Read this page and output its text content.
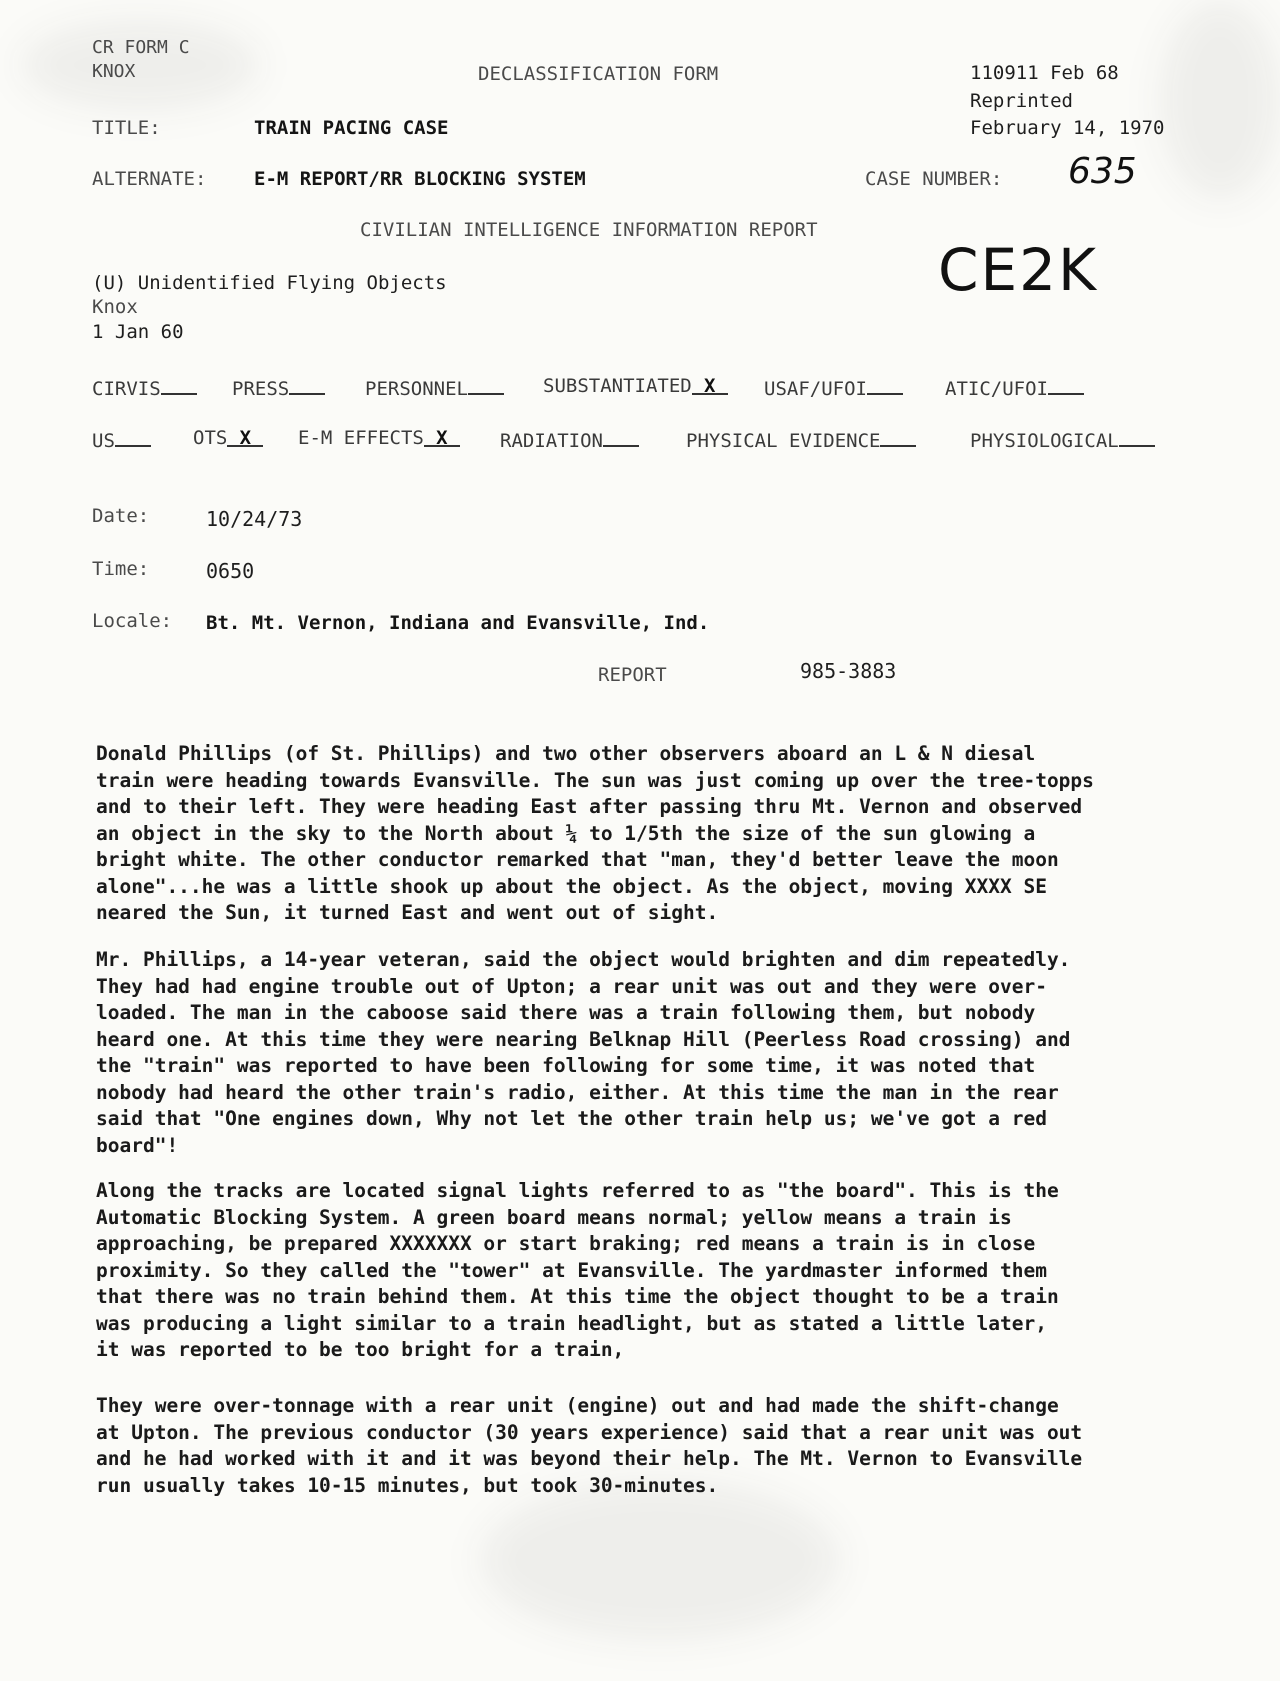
CR FORM C
KNOX	DECLASSIFICATION FORM	110911 Feb 68
Reprinted
February 14, 1970
TITLE:	TRAIN PACING CASE
ALTERNATE:	E-M REPORT/RR BLOCKING SYSTEM	CASE NUMBER: 635
CIVILIAN INTELLIGENCE INFORMATION REPORT
CE2K
(U) Unidentified Flying Objects
Knox
1 Jan 60
CIRVIS	PRESS	PERSONNEL	SUBSTANTIATED X	USAF/UFOI	ATIC/UFOI
US	OTS X	E-M EFFECTS X	RADIATION	PHYSICAL EVIDENCE	PHYSIOLOGICAL
Date:	10/24/73
Time:	0650
Locale: Bt. Mt. Vernon, Indiana and Evansville, Ind.
REPORT	985-3883
Donald Phillips (of St. Phillips) and two other observers aboard an L & N diesal
train were heading towards Evansville. The sun was just coming up over the tree-topps
and to their left. They were heading East after passing thru Mt. Vernon and observed
an object in the sky to the North about ¼ to 1/5th the size of the sun glowing a
bright white. The other conductor remarked that "man, they'd better leave the moon
alone"...he was a little shook up about the object. As the object, moving XXXX SE
neared the Sun, it turned East and went out of sight.
Mr. Phillips, a 14-year veteran, said the object would brighten and dim repeatedly.
They had had engine trouble out of Upton; a rear unit was out and they were over-
loaded. The man in the caboose said there was a train following them, but nobody
heard one. At this time they were nearing Belknap Hill (Peerless Road crossing) and
the "train" was reported to have been following for some time, it was noted that
nobody had heard the other train's radio, either. At this time the man in the rear
said that "One engines down, Why not let the other train help us; we've got a red
board"!
Along the tracks are located signal lights referred to as "the board". This is the
Automatic Blocking System. A green board means normal; yellow means a train is
approaching, be prepared XXXXXXX or start braking; red means a train is in close
proximity. So they called the "tower" at Evansville. The yardmaster informed them
that there was no train behind them. At this time the object thought to be a train
was producing a light similar to a train headlight, but as stated a little later,
it was reported to be too bright for a train,
They were over-tonnage with a rear unit (engine) out and had made the shift-change
at Upton. The previous conductor (30 years experience) said that a rear unit was out
and he had worked with it and it was beyond their help. The Mt. Vernon to Evansville
run usually takes 10-15 minutes, but took 30-minutes.
